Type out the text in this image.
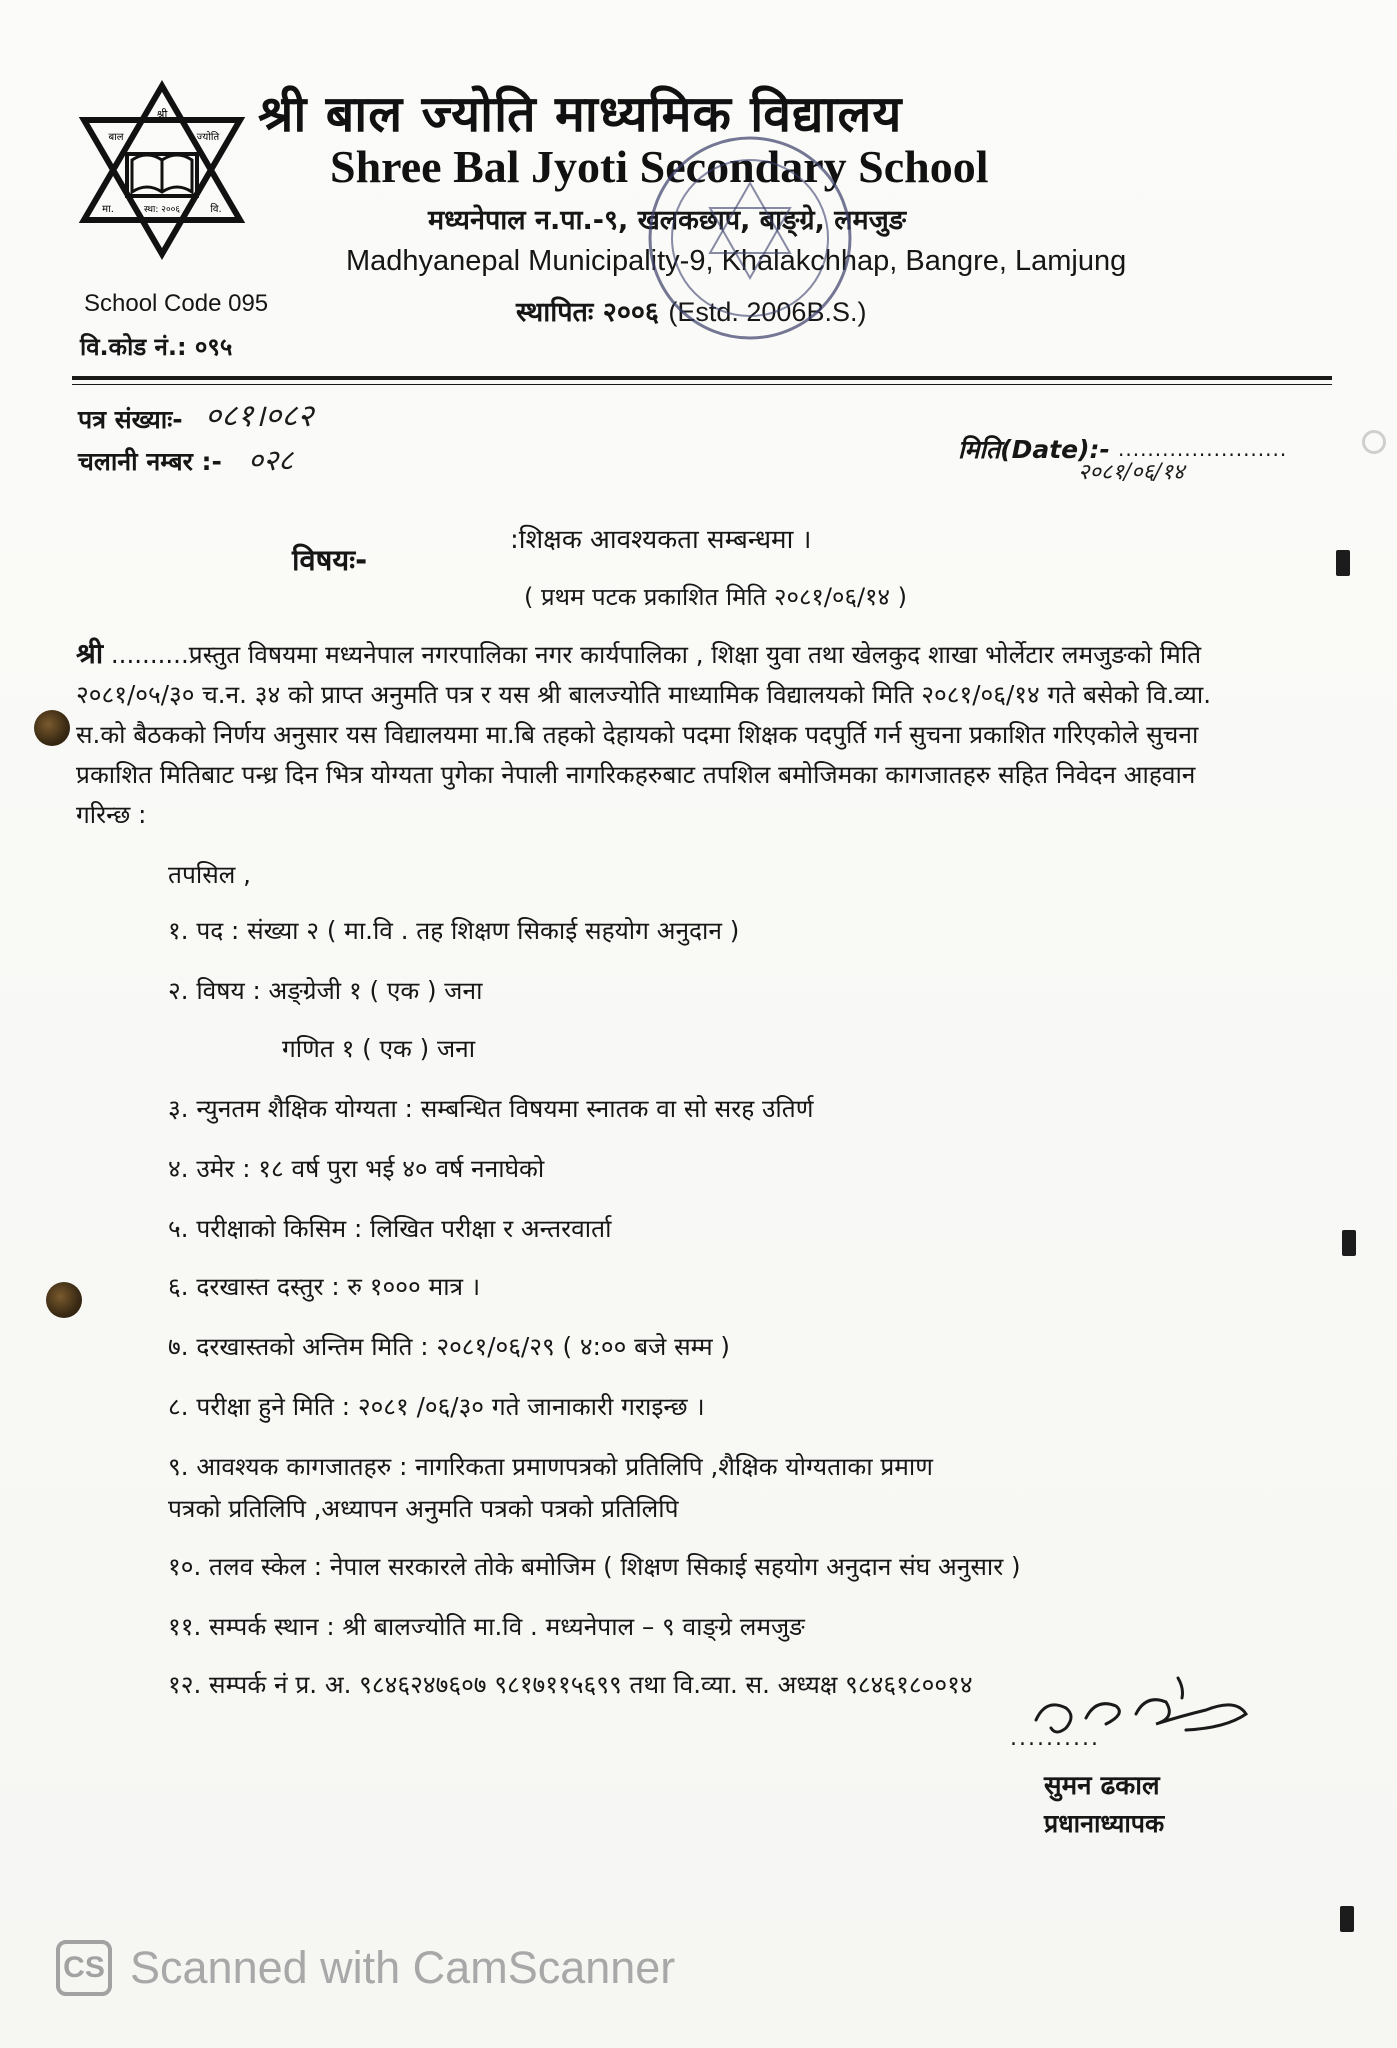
श्री
बाल	ज्योति
मा.	स्था: २००६	वि.
श्री बाल ज्योति माध्यमिक विद्यालय
Shree Bal Jyoti Secondary School
मध्यनेपाल न.पा.-९, खलकछाप, बाङ्ग्रे, लमजुङ
Madhyanepal Municipality-9, Khalakchhap, Bangre, Lamjung
स्थापितः २००६ (Estd. 2006B.S.)
School Code 095
वि.कोड नं.: ०९५
पत्र संख्याः- ०८१।०८२
चलानी नम्बर :- ०२८	मिति(Date):- .......................
२०८१/०६/१४
विषयः-
:शिक्षक आवश्यकता सम्बन्धमा ।
( प्रथम पटक प्रकाशित मिति २०८१/०६/१४ )

श्री ..........प्रस्तुत विषयमा मध्यनेपाल नगरपालिका नगर कार्यपालिका , शिक्षा युवा तथा खेलकुद शाखा भोर्लेटार लमजुङको मिति २०८१/०५/३० च.न. ३४ को प्राप्त अनुमति पत्र र यस श्री बालज्योति माध्यामिक विद्यालयको मिति २०८१/०६/१४ गते बसेको वि.व्या. स.को बैठकको निर्णय अनुसार यस विद्यालयमा मा.बि तहको देहायको पदमा शिक्षक पदपुर्ति गर्न सुचना प्रकाशित गरिएकोले सुचना प्रकाशित मितिबाट पन्ध्र दिन भित्र योग्यता पुगेका नेपाली नागरिकहरुबाट तपशिल बमोजिमका कागजातहरु सहित निवेदन आहवान गरिन्छ :

तपसिल ,
१. पद : संख्या २ ( मा.वि . तह शिक्षण सिकाई सहयोग अनुदान )
२. विषय : अङ्ग्रेजी १ ( एक ) जना
गणित १ ( एक ) जना
३. न्युनतम शैक्षिक योग्यता : सम्बन्धित विषयमा स्नातक वा सो सरह उतिर्ण
४. उमेर : १८ वर्ष पुरा भई ४० वर्ष ननाघेको
५. परीक्षाको किसिम : लिखित परीक्षा र अन्तरवार्ता
६. दरखास्त दस्तुर : रु १००० मात्र ।
७. दरखास्तको अन्तिम मिति : २०८१/०६/२९ ( ४:०० बजे सम्म )
८. परीक्षा हुने मिति : २०८१ /०६/३० गते जानाकारी गराइन्छ ।
९. आवश्यक कागजातहरु : नागरिकता प्रमाणपत्रको प्रतिलिपि ,शैक्षिक योग्यताका प्रमाण
पत्रको प्रतिलिपि ,अध्यापन अनुमति पत्रको पत्रको प्रतिलिपि
१०. तलव स्केल : नेपाल सरकारले तोके बमोजिम ( शिक्षण सिकाई सहयोग अनुदान संघ अनुसार )
११. सम्पर्क स्थान : श्री बालज्योति मा.वि . मध्यनेपाल – ९ वाङ्ग्रे लमजुङ
१२. सम्पर्क नं प्र. अ. ९८४६२४७६०७ ९८१७११५६९९ तथा वि.व्या. स. अध्यक्ष ९८४६१८००१४
..........
सुमन ढकाल
प्रधानाध्यापक
CS Scanned with CamScanner
